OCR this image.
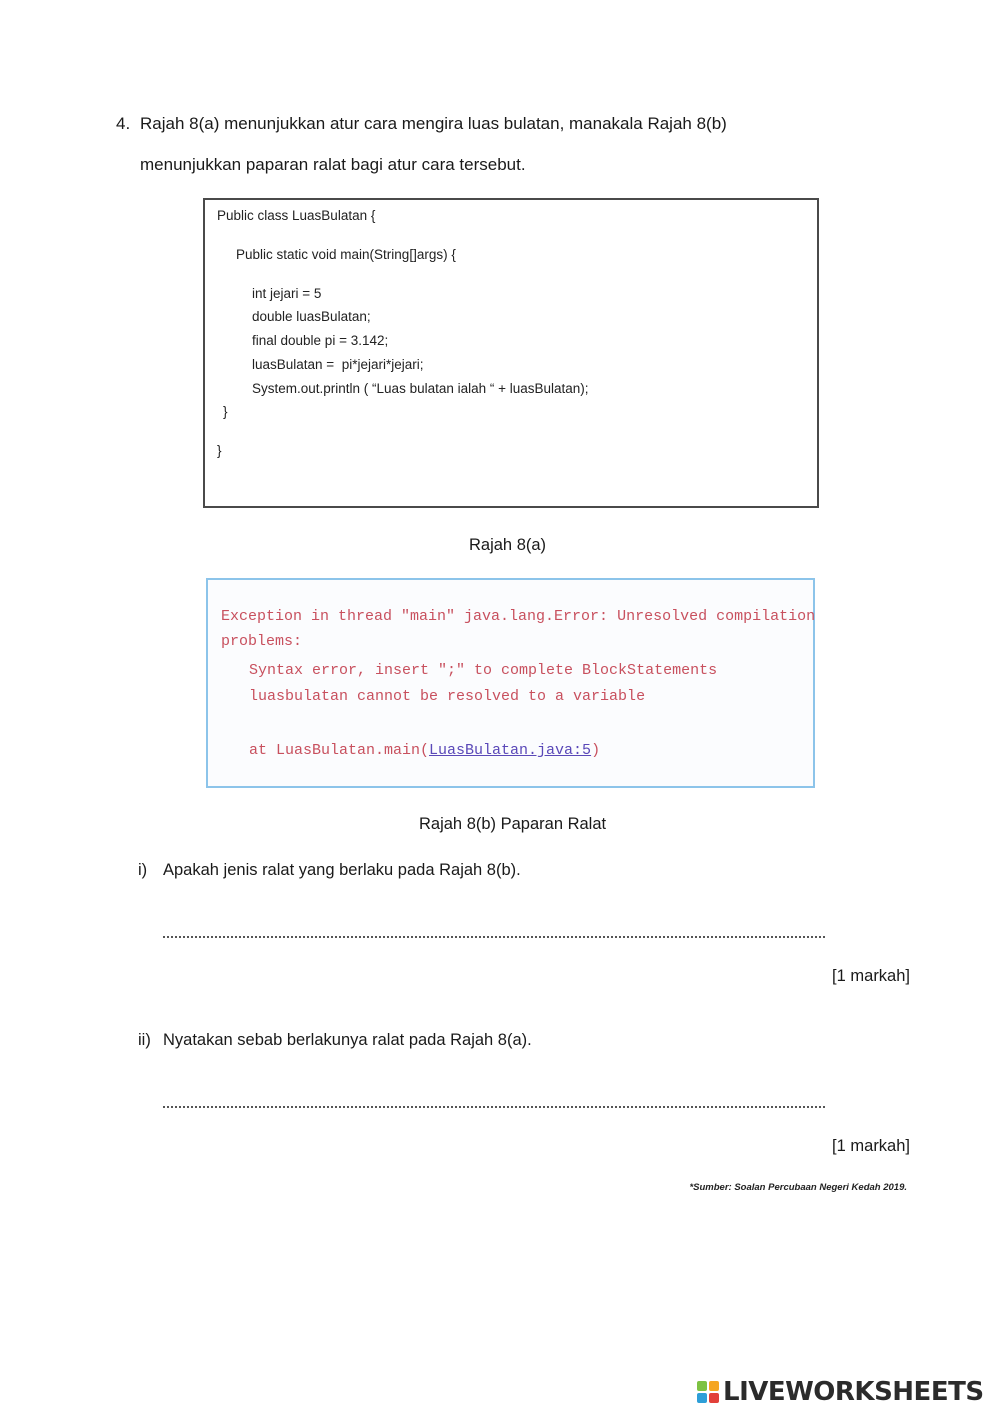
4. Rajah 8(a) menunjukkan atur cara mengira luas bulatan, manakala Rajah 8(b)
menunjukkan paparan ralat bagi atur cara tersebut.
Public class LuasBulatan {
Public static void main(String[]args) {
int jejari = 5
double luasBulatan;
final double pi = 3.142;
luasBulatan =  pi*jejari*jejari;
System.out.println ( “Luas bulatan ialah “ + luasBulatan);
}
}
Rajah 8(a)
Exception in thread "main" java.lang.Error: Unresolved compilation
problems:
Syntax error, insert ";" to complete BlockStatements
luasbulatan cannot be resolved to a variable
at LuasBulatan.main(LuasBulatan.java:5)
Rajah 8(b) Paparan Ralat
i) Apakah jenis ralat yang berlaku pada Rajah 8(b).
[1 markah]
ii) Nyatakan sebab berlakunya ralat pada Rajah 8(a).
[1 markah]
*Sumber: Soalan Percubaan Negeri Kedah 2019.
LIVEWORKSHEETS
